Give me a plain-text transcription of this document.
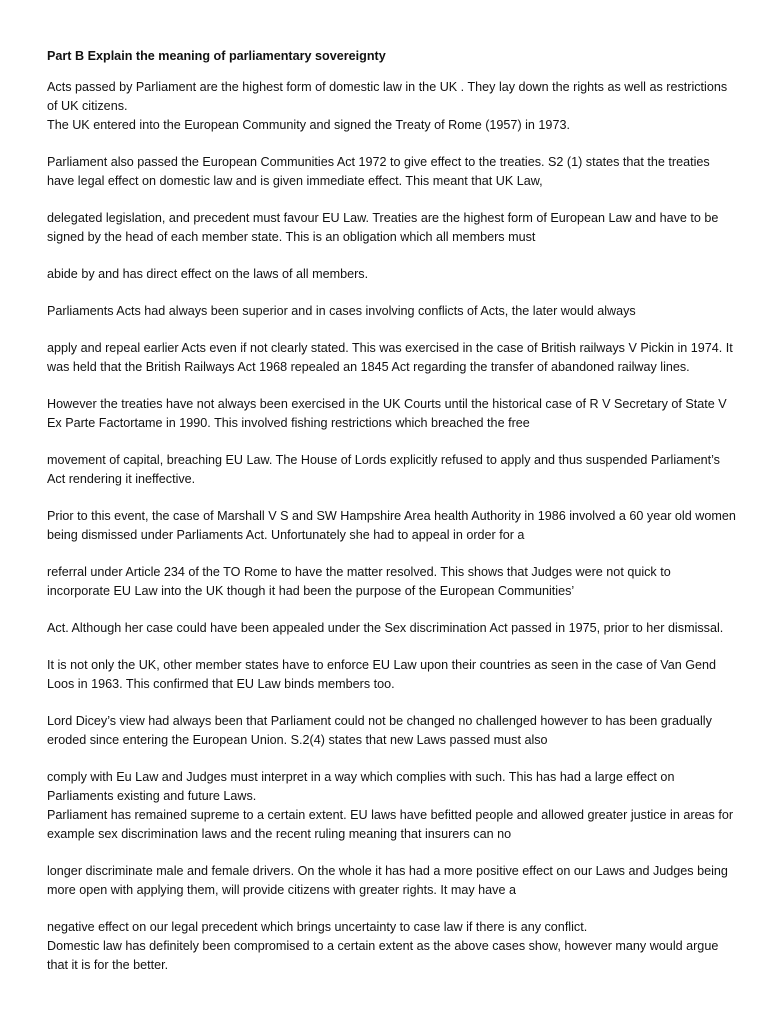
Part B Explain the meaning of parliamentary sovereignty

Acts passed by Parliament are the highest form of domestic law in the UK . They lay down the rights as well as restrictions of UK citizens.

The UK entered into the European Community and signed the Treaty of Rome (1957) in 1973.

Parliament also passed the European Communities Act 1972 to give effect to the treaties. S2 (1) states that the treaties have legal effect on domestic law and is given immediate effect. This meant that UK Law,

delegated legislation, and precedent must favour EU Law. Treaties are the highest form of European Law and have to be signed by the head of each member state. This is an obligation which all members must

abide by and has direct effect on the laws of all members.

Parliaments Acts had always been superior and in cases involving conflicts of Acts, the later would always

apply and repeal earlier Acts even if not clearly stated. This was exercised in the case of British railways V Pickin in 1974. It was held that the British Railways Act 1968 repealed an 1845 Act regarding the transfer of abandoned railway lines.

However the treaties have not always been exercised in the UK Courts until the historical case of R V Secretary of State V Ex Parte Factortame in 1990. This involved fishing restrictions which breached the free

movement of capital, breaching EU Law. The House of Lords explicitly refused to apply and thus suspended Parliament’s Act rendering it ineffective.

Prior to this event, the case of Marshall V S and SW Hampshire Area health Authority in 1986 involved a 60 year old women being dismissed under Parliaments Act. Unfortunately she had to appeal in order for a

referral under Article 234 of the TO Rome to have the matter resolved. This shows that Judges were not quick to incorporate EU Law into the UK though it had been the purpose of the European Communities’

Act. Although her case could have been appealed under the Sex discrimination Act passed in 1975, prior to her dismissal.

It is not only the UK, other member states have to enforce EU Law upon their countries as seen in the case of Van Gend Loos in 1963. This confirmed that EU Law binds members too.

Lord Dicey’s view had always been that Parliament could not be changed no challenged however to has been gradually eroded since entering the European Union. S.2(4) states that new Laws passed must also

comply with Eu Law and Judges must interpret in a way which complies with such. This has had a large effect on Parliaments existing and future Laws.

Parliament has remained supreme to a certain extent. EU laws have befitted people and allowed greater justice in areas for example sex discrimination laws and the recent ruling meaning that insurers can no

longer discriminate male and female drivers. On the whole it has had a more positive effect on our Laws and Judges being more open with applying them, will provide citizens with greater rights. It may have a

negative effect on our legal precedent which brings uncertainty to case law if there is any conflict.

Domestic law has definitely been compromised to a certain extent as the above cases show, however many would argue that it is for the better.
